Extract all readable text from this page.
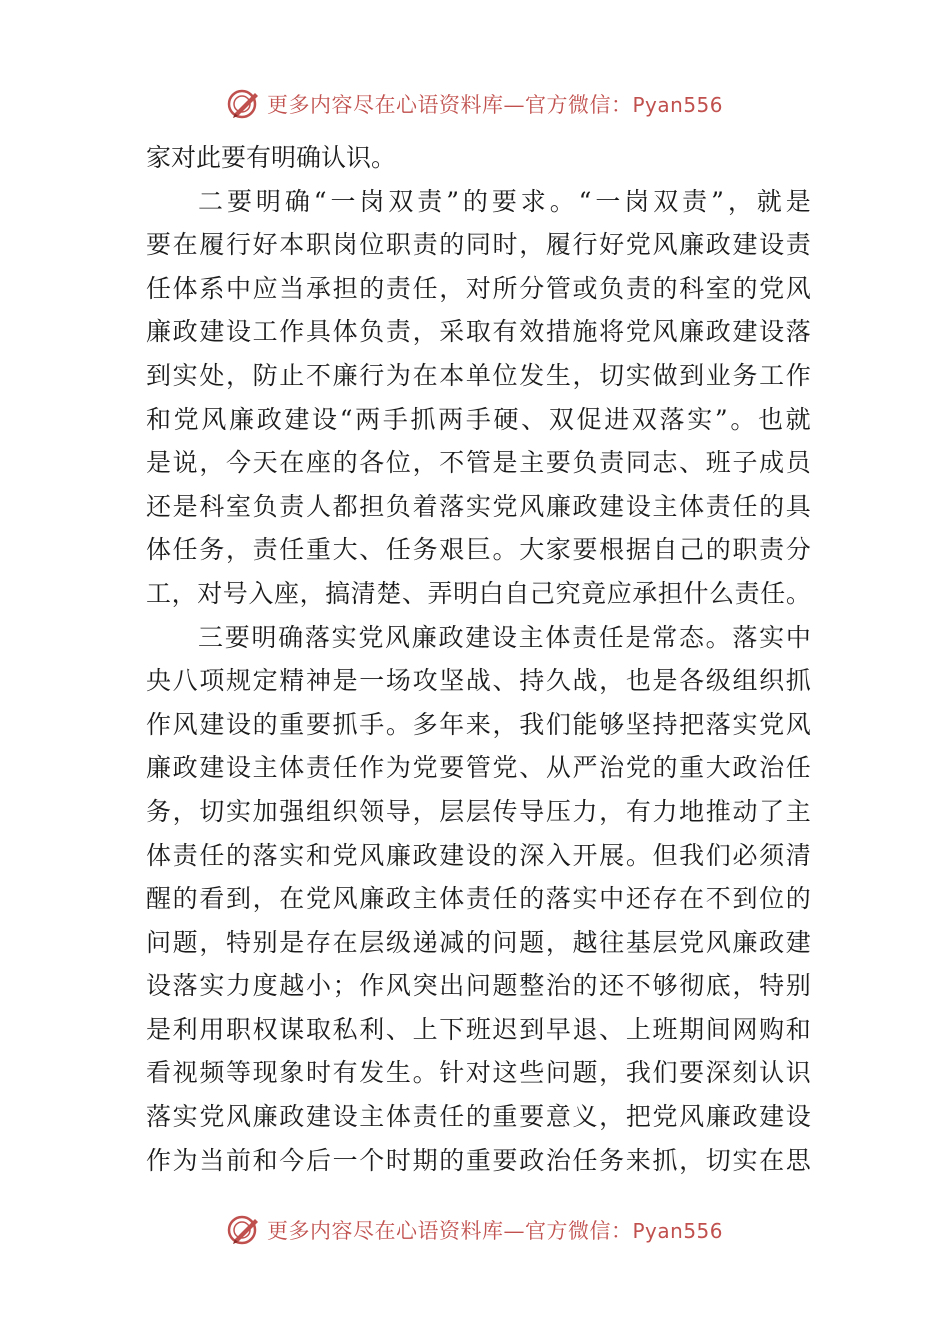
更多内容尽在心语资料库—官方微信：Pyan556
家对此要有明确认识。
二 要 明 确 “ 一 岗 双 责 ” 的 要 求 。 “ 一 岗 双 责 ” ， 就 是
要 在 履 行 好 本 职 岗 位 职 责 的 同 时 ， 履 行 好 党 风 廉 政 建 设 责
任 体 系 中 应 当 承 担 的 责 任 ， 对 所 分 管 或 负 责 的 科 室 的 党 风
廉 政 建 设 工 作 具 体 负 责 ， 采 取 有 效 措 施 将 党 风 廉 政 建 设 落
到 实 处 ， 防 止 不 廉 行 为 在 本 单 位 发 生 ， 切 实 做 到 业 务 工 作
和 党 风 廉 政 建 设 “ 两 手 抓 两 手 硬 、 双 促 进 双 落 实 ” 。 也 就
是 说 ， 今 天 在 座 的 各 位 ， 不 管 是 主 要 负 责 同 志 、 班 子 成 员
还 是 科 室 负 责 人 都 担 负 着 落 实 党 风 廉 政 建 设 主 体 责 任 的 具
体 任 务 ， 责 任 重 大 、 任 务 艰 巨 。 大 家 要 根 据 自 己 的 职 责 分
工 ， 对 号 入 座 ， 搞 清 楚 、 弄 明 白 自 己 究 竟 应 承 担 什 么 责 任 。
三 要 明 确 落 实 党 风 廉 政 建 设 主 体 责 任 是 常 态 。 落 实 中
央 八 项 规 定 精 神 是 一 场 攻 坚 战 、 持 久 战 ， 也 是 各 级 组 织 抓
作 风 建 设 的 重 要 抓 手 。 多 年 来 ， 我 们 能 够 坚 持 把 落 实 党 风
廉 政 建 设 主 体 责 任 作 为 党 要 管 党 、 从 严 治 党 的 重 大 政 治 任
务 ， 切 实 加 强 组 织 领 导 ， 层 层 传 导 压 力 ， 有 力 地 推 动 了 主
体 责 任 的 落 实 和 党 风 廉 政 建 设 的 深 入 开 展 。 但 我 们 必 须 清
醒 的 看 到 ， 在 党 风 廉 政 主 体 责 任 的 落 实 中 还 存 在 不 到 位 的
问 题 ， 特 别 是 存 在 层 级 递 减 的 问 题 ， 越 往 基 层 党 风 廉 政 建
设 落 实 力 度 越 小 ； 作 风 突 出 问 题 整 治 的 还 不 够 彻 底 ， 特 别
是 利 用 职 权 谋 取 私 利 、 上 下 班 迟 到 早 退 、 上 班 期 间 网 购 和
看 视 频 等 现 象 时 有 发 生 。 针 对 这 些 问 题 ， 我 们 要 深 刻 认 识
落 实 党 风 廉 政 建 设 主 体 责 任 的 重 要 意 义 ， 把 党 风 廉 政 建 设
作 为 当 前 和 今 后 一 个 时 期 的 重 要 政 治 任 务 来 抓 ， 切 实 在 思
更多内容尽在心语资料库—官方微信：Pyan556
